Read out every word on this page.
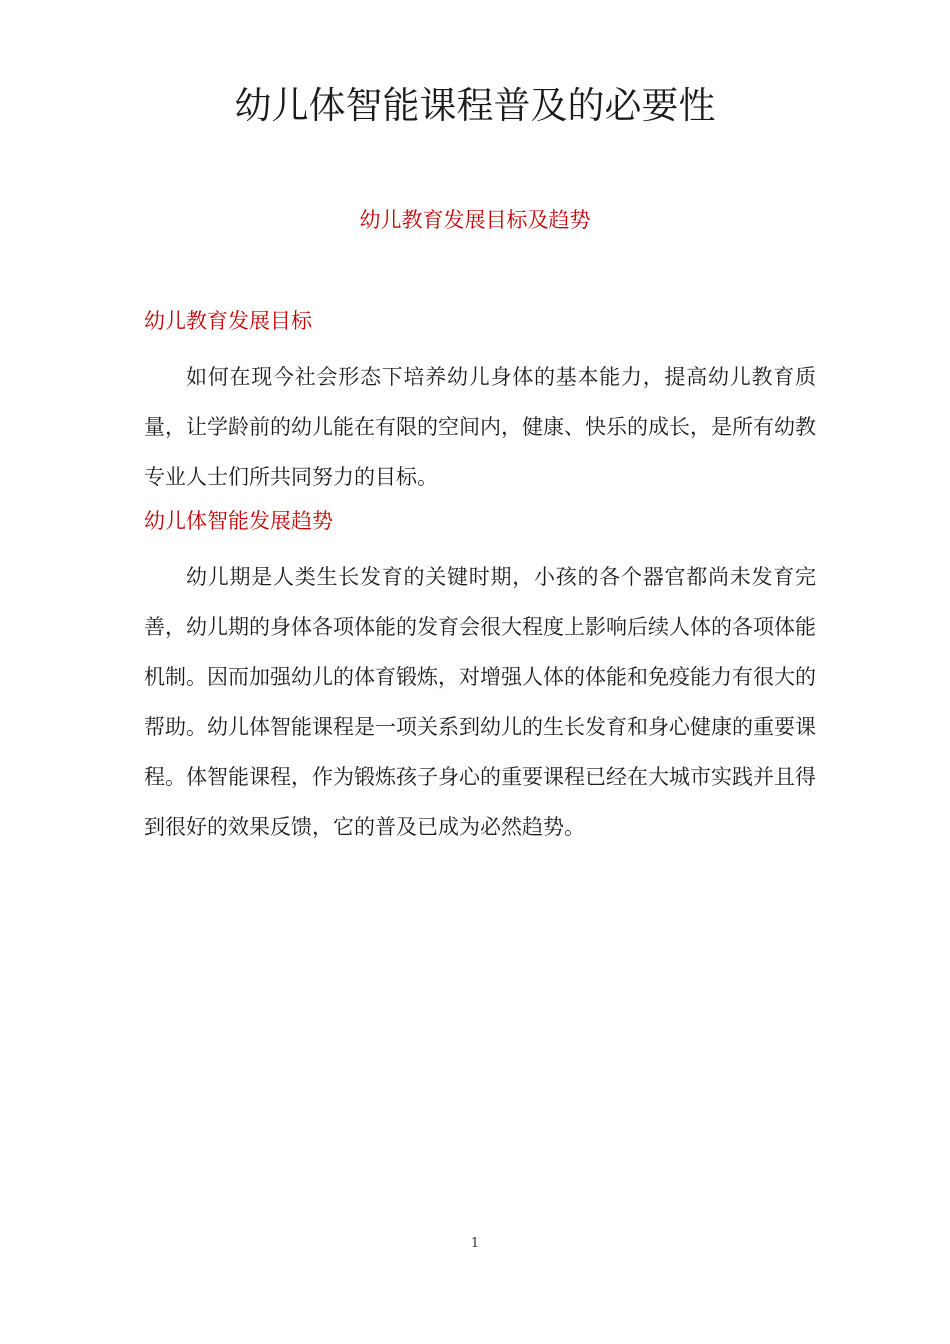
幼儿体智能课程普及的必要性
幼儿教育发展目标及趋势
幼儿教育发展目标

如何在现今社会形态下培养幼儿身体的基本能力，提高幼儿教育质量，让学龄前的幼儿能在有限的空间内，健康、快乐的成长，是所有幼教专业人士们所共同努力的目标。

幼儿体智能发展趋势

幼儿期是人类生长发育的关键时期，小孩的各个器官都尚未发育完善，幼儿期的身体各项体能的发育会很大程度上影响后续人体的各项体能机制。因而加强幼儿的体育锻炼，对增强人体的体能和免疫能力有很大的帮助。幼儿体智能课程是一项关系到幼儿的生长发育和身心健康的重要课程。体智能课程，作为锻炼孩子身心的重要课程已经在大城市实践并且得到很好的效果反馈，它的普及已成为必然趋势。

1
